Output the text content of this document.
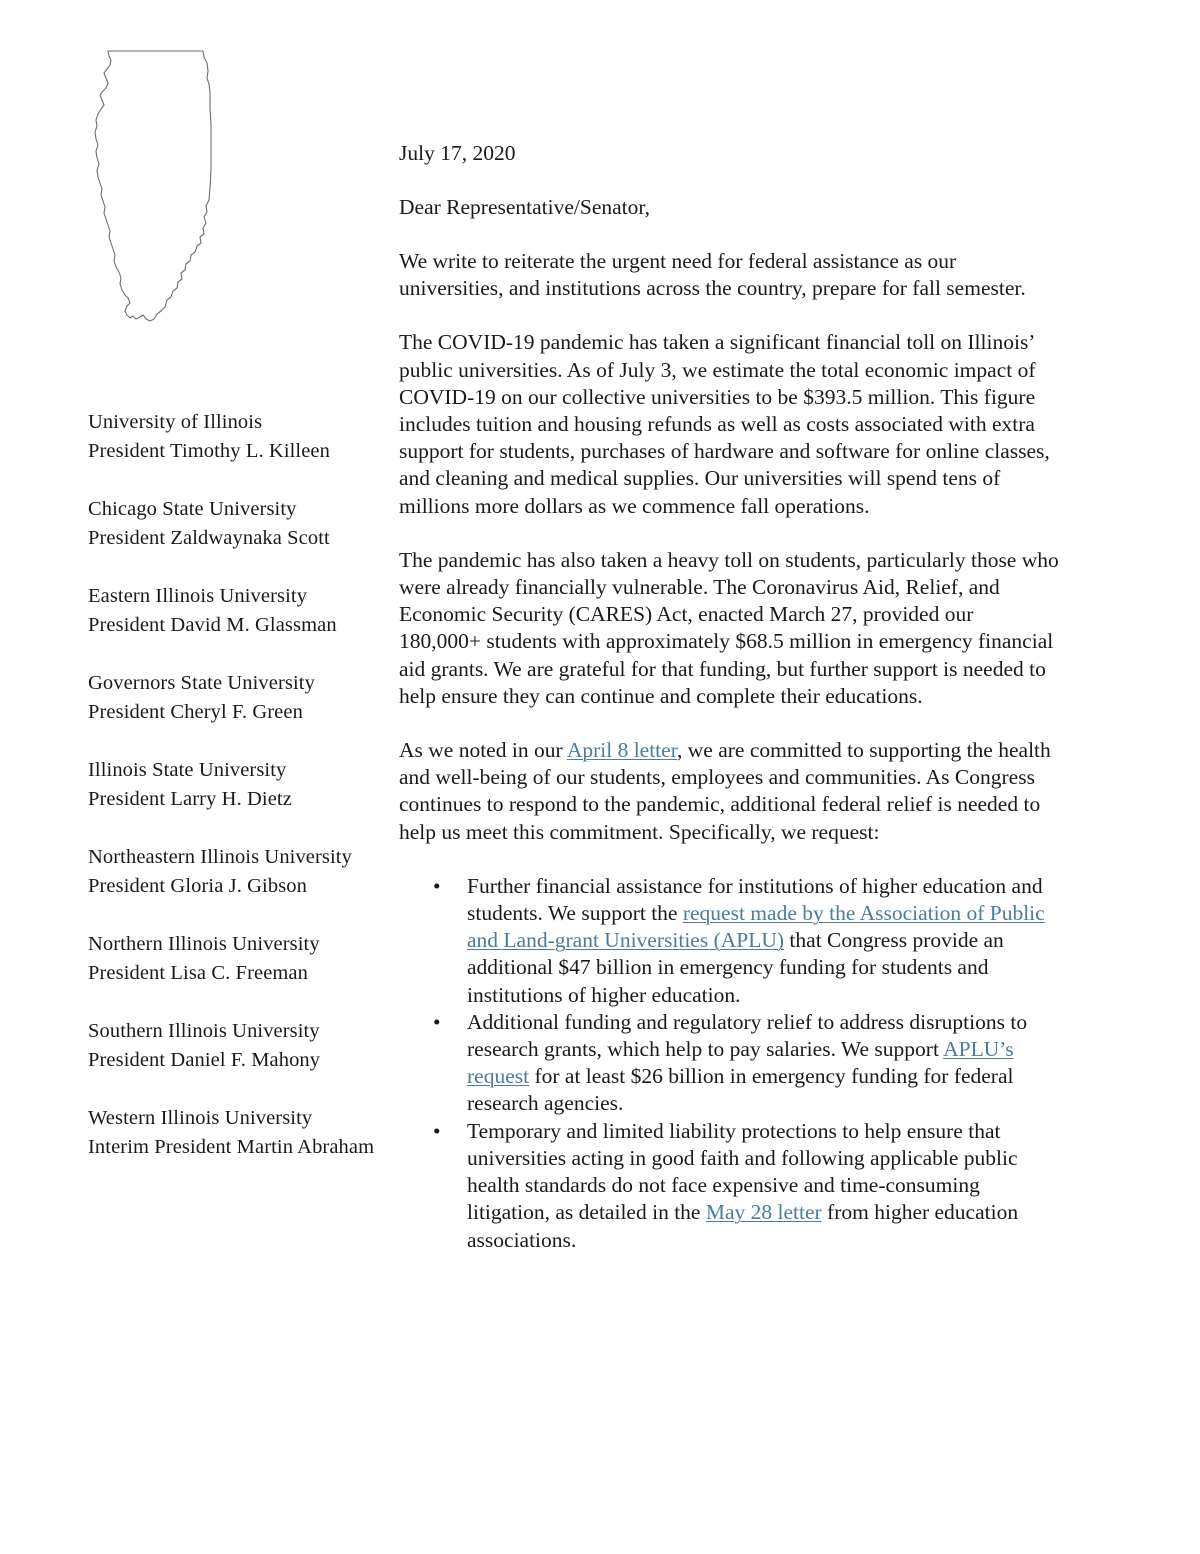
University of Illinois
President Timothy L. Killeen
Chicago State University
President Zaldwaynaka Scott
Eastern Illinois University
President David M. Glassman
Governors State University
President Cheryl F. Green
Illinois State University
President Larry H. Dietz
Northeastern Illinois University
President Gloria J. Gibson
Northern Illinois University
President Lisa C. Freeman
Southern Illinois University
President Daniel F. Mahony
Western Illinois University
Interim President Martin Abraham

July 17, 2020

Dear Representative/Senator,

We write to reiterate the urgent need for federal assistance as our universities, and institutions across the country, prepare for fall semester.

The COVID-19 pandemic has taken a significant financial toll on Illinois’ public universities. As of July 3, we estimate the total economic impact of COVID-19 on our collective universities to be $393.5 million. This figure includes tuition and housing refunds as well as costs associated with extra support for students, purchases of hardware and software for online classes, and cleaning and medical supplies. Our universities will spend tens of millions more dollars as we commence fall operations.

The pandemic has also taken a heavy toll on students, particularly those who were already financially vulnerable. The Coronavirus Aid, Relief, and Economic Security (CARES) Act, enacted March 27, provided our 180,000+ students with approximately $68.5 million in emergency financial aid grants. We are grateful for that funding, but further support is needed to help ensure they can continue and complete their educations.

As we noted in our April 8 letter, we are committed to supporting the health and well-being of our students, employees and communities. As Congress continues to respond to the pandemic, additional federal relief is needed to help us meet this commitment. Specifically, we request:

• Further financial assistance for institutions of higher education and students. We support the request made by the Association of Public and Land-grant Universities (APLU) that Congress provide an additional $47 billion in emergency funding for students and institutions of higher education.
• Additional funding and regulatory relief to address disruptions to research grants, which help to pay salaries. We support APLU’s request for at least $26 billion in emergency funding for federal research agencies.
• Temporary and limited liability protections to help ensure that universities acting in good faith and following applicable public health standards do not face expensive and time-consuming litigation, as detailed in the May 28 letter from higher education associations.
